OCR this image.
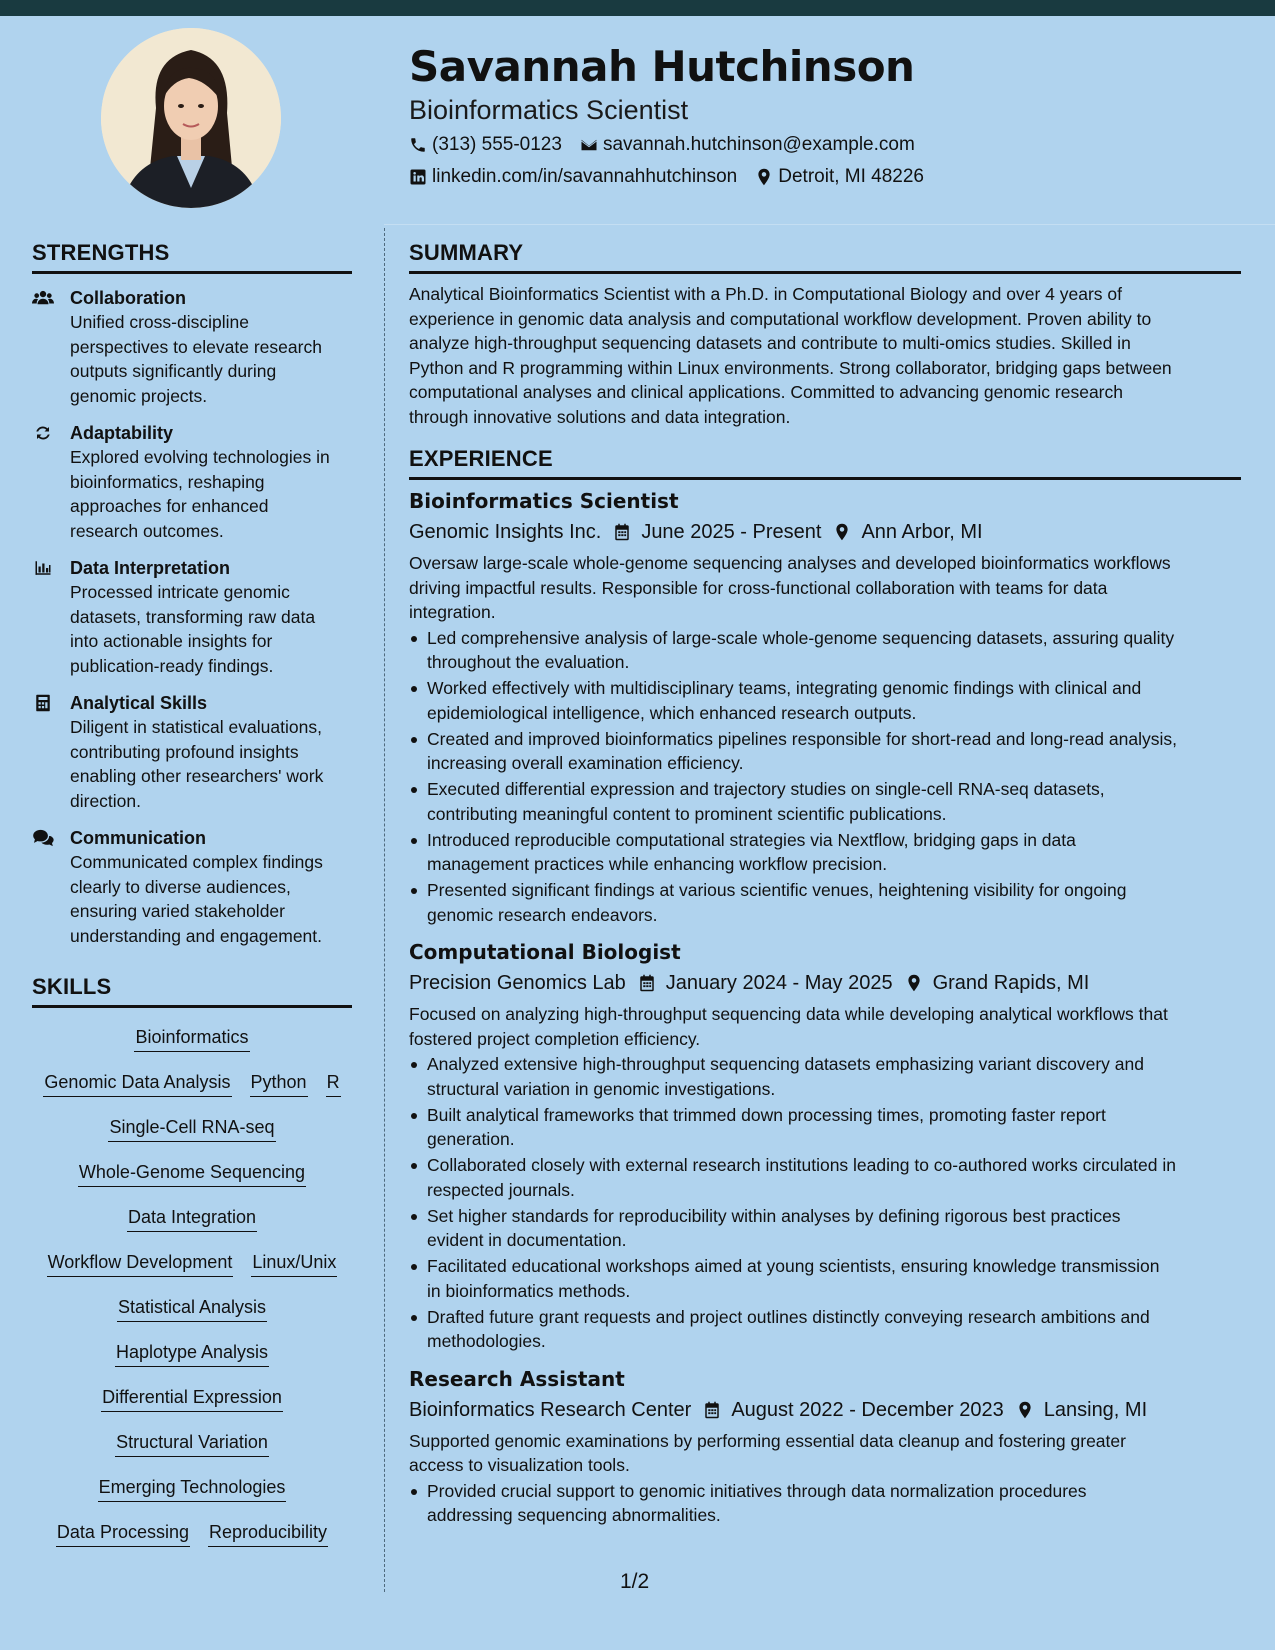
Savannah Hutchinson
Bioinformatics Scientist
(313) 555-0123 savannah.hutchinson@example.com
linkedin.com/in/savannahhutchinson Detroit, MI 48226
STRENGTHS
Collaboration
Unified cross-discipline
perspectives to elevate research
outputs significantly during
genomic projects.
Adaptability
Explored evolving technologies in
bioinformatics, reshaping
approaches for enhanced
research outcomes.
Data Interpretation
Processed intricate genomic
datasets, transforming raw data
into actionable insights for
publication-ready findings.
Analytical Skills
Diligent in statistical evaluations,
contributing profound insights
enabling other researchers' work
direction.
Communication
Communicated complex findings
clearly to diverse audiences,
ensuring varied stakeholder
understanding and engagement.
SKILLS
Bioinformatics
Genomic Data Analysis Python R
Single-Cell RNA-seq
Whole-Genome Sequencing
Data Integration
Workflow Development Linux/Unix
Statistical Analysis
Haplotype Analysis
Differential Expression
Structural Variation
Emerging Technologies
Data Processing Reproducibility
SUMMARY
Analytical Bioinformatics Scientist with a Ph.D. in Computational Biology and over 4 years of
experience in genomic data analysis and computational workflow development. Proven ability to
analyze high-throughput sequencing datasets and contribute to multi-omics studies. Skilled in
Python and R programming within Linux environments. Strong collaborator, bridging gaps between
computational analyses and clinical applications. Committed to advancing genomic research
through innovative solutions and data integration.
EXPERIENCE
Bioinformatics Scientist
Genomic Insights Inc. June 2025 - Present Ann Arbor, MI
Oversaw large-scale whole-genome sequencing analyses and developed bioinformatics workflows
driving impactful results. Responsible for cross-functional collaboration with teams for data
integration.
Led comprehensive analysis of large-scale whole-genome sequencing datasets, assuring quality
throughout the evaluation.
Worked effectively with multidisciplinary teams, integrating genomic findings with clinical and
epidemiological intelligence, which enhanced research outputs.
Created and improved bioinformatics pipelines responsible for short-read and long-read analysis,
increasing overall examination efficiency.
Executed differential expression and trajectory studies on single-cell RNA-seq datasets,
contributing meaningful content to prominent scientific publications.
Introduced reproducible computational strategies via Nextflow, bridging gaps in data
management practices while enhancing workflow precision.
Presented significant findings at various scientific venues, heightening visibility for ongoing
genomic research endeavors.
Computational Biologist
Precision Genomics Lab January 2024 - May 2025 Grand Rapids, MI
Focused on analyzing high-throughput sequencing data while developing analytical workflows that
fostered project completion efficiency.
Analyzed extensive high-throughput sequencing datasets emphasizing variant discovery and
structural variation in genomic investigations.
Built analytical frameworks that trimmed down processing times, promoting faster report
generation.
Collaborated closely with external research institutions leading to co-authored works circulated in
respected journals.
Set higher standards for reproducibility within analyses by defining rigorous best practices
evident in documentation.
Facilitated educational workshops aimed at young scientists, ensuring knowledge transmission
in bioinformatics methods.
Drafted future grant requests and project outlines distinctly conveying research ambitions and
methodologies.
Research Assistant
Bioinformatics Research Center August 2022 - December 2023 Lansing, MI
Supported genomic examinations by performing essential data cleanup and fostering greater
access to visualization tools.
Provided crucial support to genomic initiatives through data normalization procedures
addressing sequencing abnormalities.
1/2
